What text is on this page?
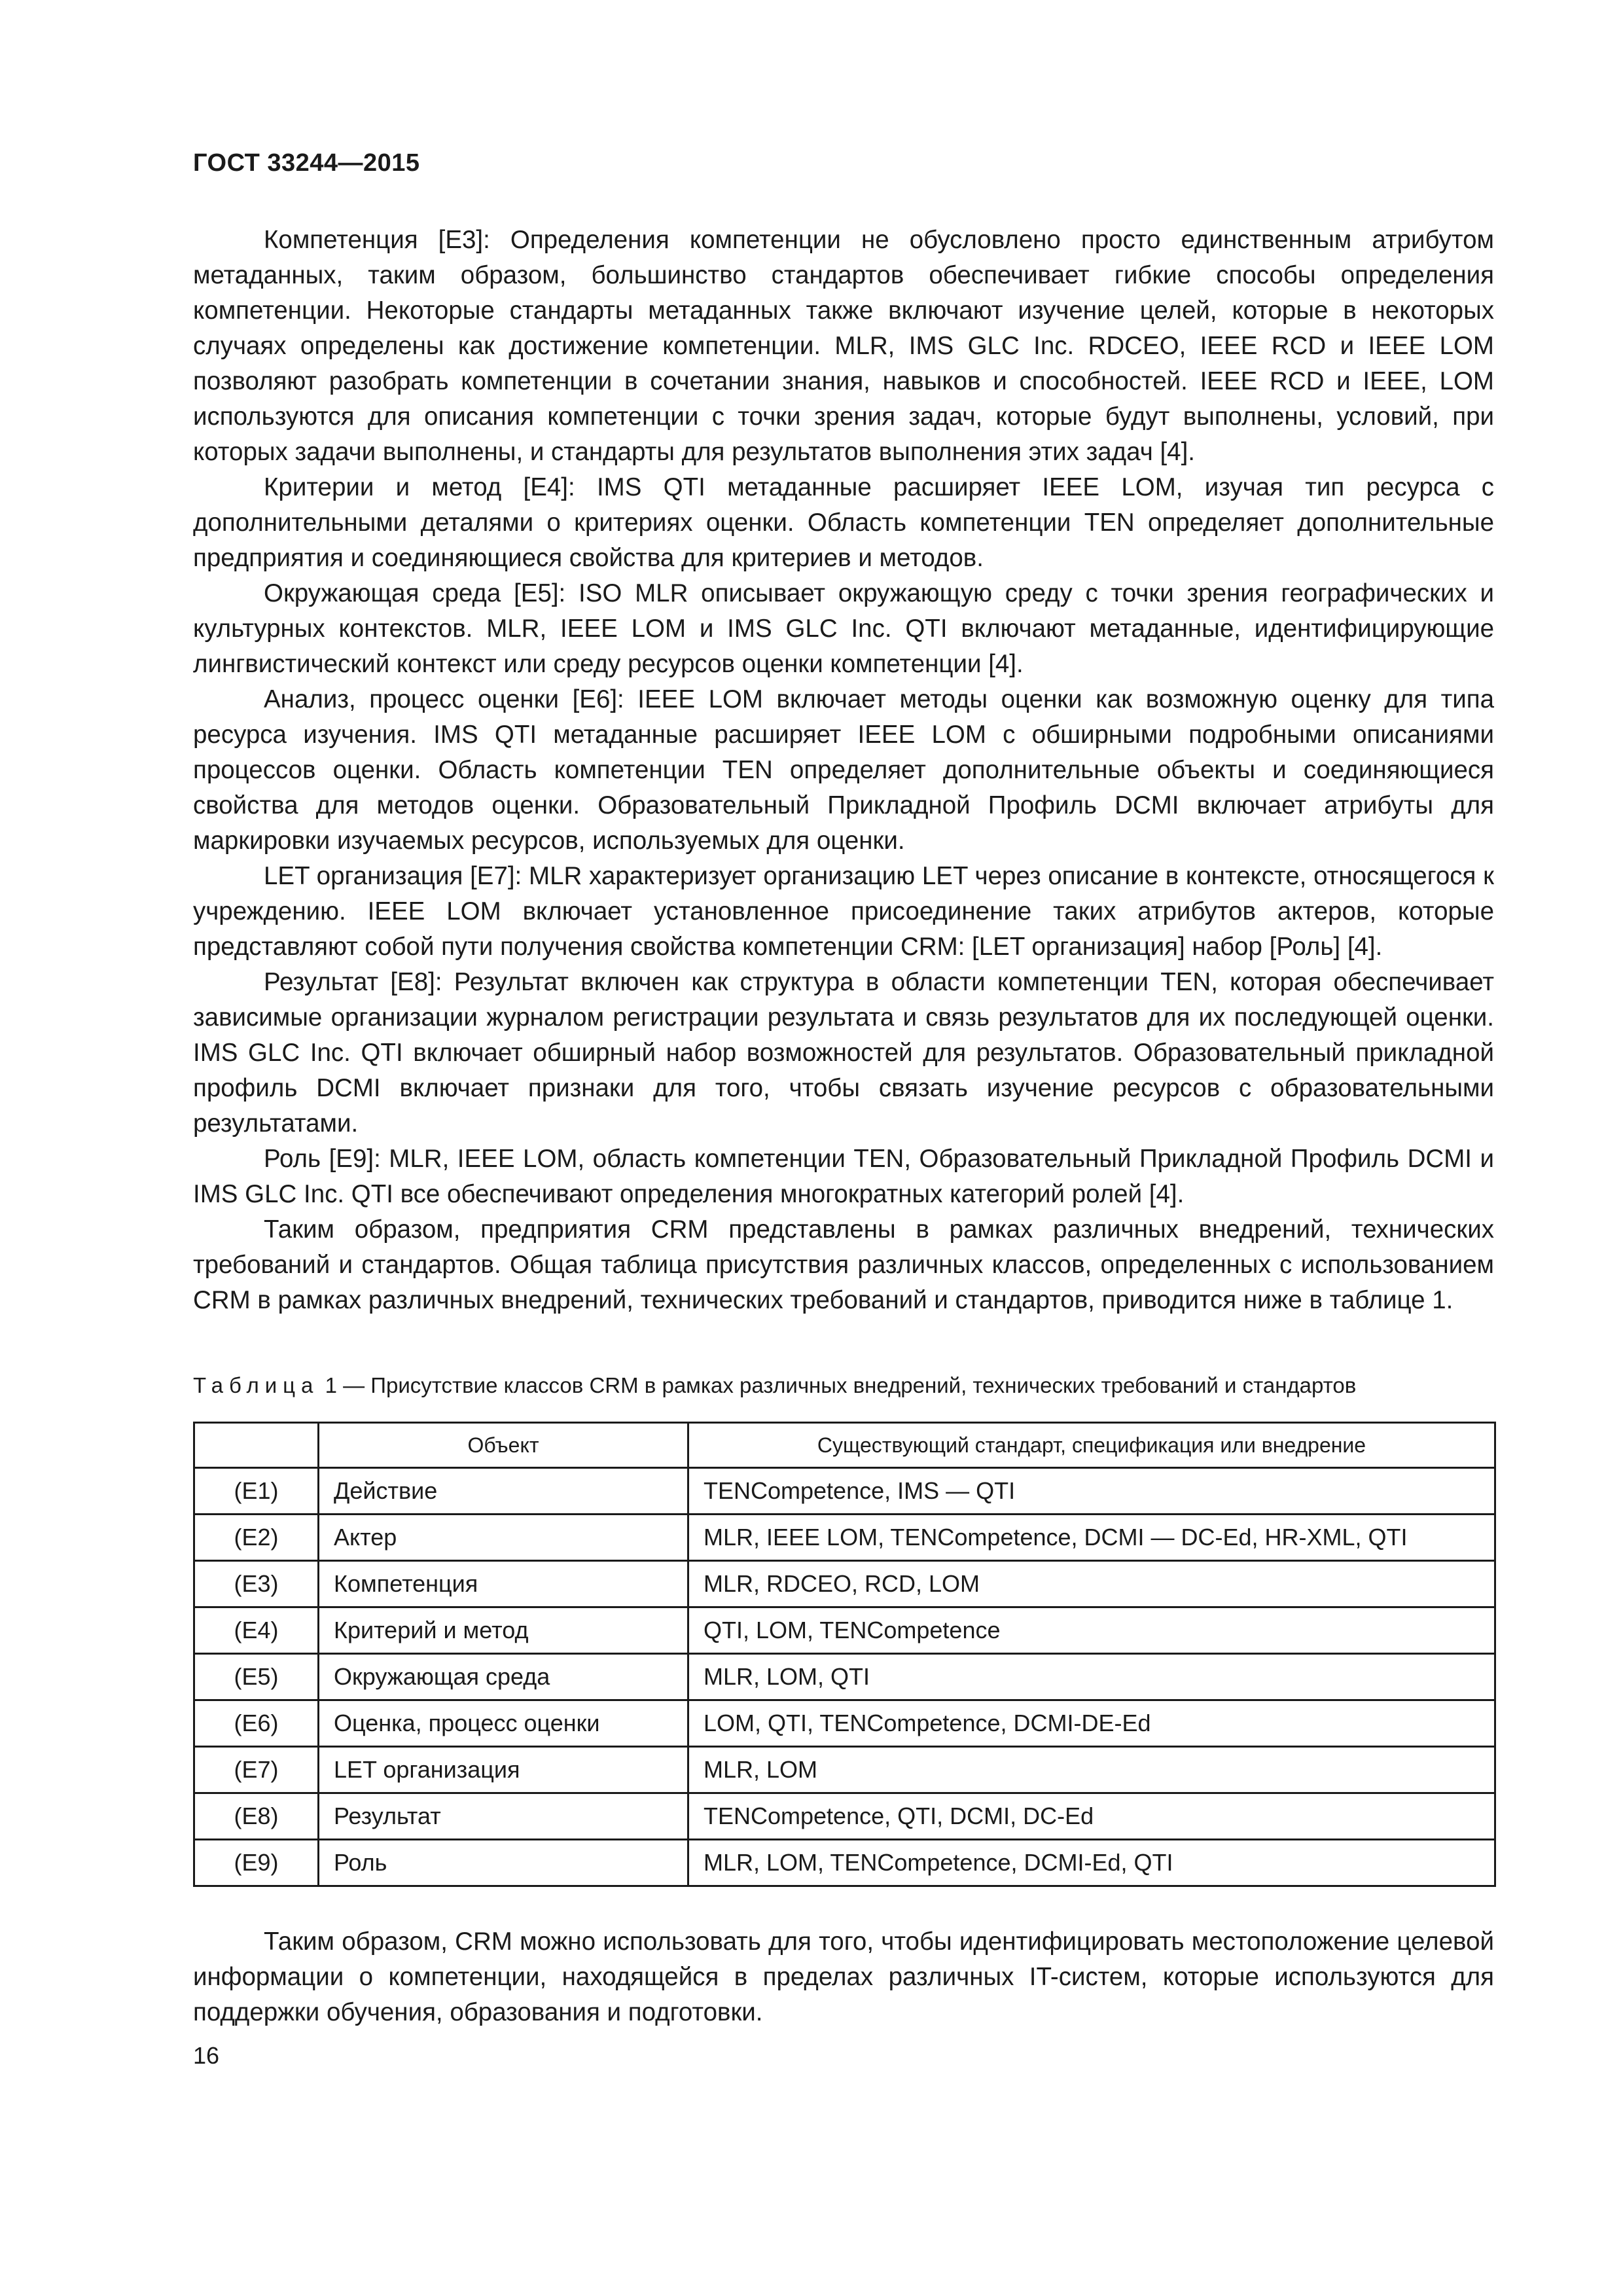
ГОСТ 33244—2015

Компетенция [E3]: Определения компетенции не обусловлено просто единственным атрибутом метаданных, таким образом, большинство стандартов обеспечивает гибкие способы определения компетенции. Некоторые стандарты метаданных также включают изучение целей, которые в некоторых случаях определены как достижение компетенции. MLR, IMS GLC Inc. RDCEO, IEEE RCD и IEEE LOM позволяют разобрать компетенции в сочетании знания, навыков и способностей. IEEE RCD и IEEE, LOM используются для описания компетенции с точки зрения задач, которые будут выполнены, условий, при которых задачи выполнены, и стандарты для результатов выполнения этих задач [4].

Критерии и метод [E4]: IMS QTI метаданные расширяет IEEE LOM, изучая тип ресурса с дополнительными деталями о критериях оценки. Область компетенции TEN определяет дополнительные предприятия и соединяющиеся свойства для критериев и методов.

Окружающая среда [E5]: ISO MLR описывает окружающую среду с точки зрения географических и культурных контекстов. MLR, IEEE LOM и IMS GLC Inc. QTI включают метаданные, идентифицирующие лингвистический контекст или среду ресурсов оценки компетенции [4].

Анализ, процесс оценки [E6]: IEEE LOM включает методы оценки как возможную оценку для типа ресурса изучения. IMS QTI метаданные расширяет IEEE LOM с обширными подробными описаниями процессов оценки. Область компетенции TEN определяет дополнительные объекты и соединяющиеся свойства для методов оценки. Образовательный Прикладной Профиль DCMI включает атрибуты для маркировки изучаемых ресурсов, используемых для оценки.

LET организация [E7]: MLR характеризует организацию LET через описание в контексте, относящегося к учреждению. IEEE LOM включает установленное присоединение таких атрибутов актеров, которые представляют собой пути получения свойства компетенции CRM: [LET организация] набор [Роль] [4].

Результат [E8]: Результат включен как структура в области компетенции TEN, которая обеспечивает зависимые организации журналом регистрации результата и связь результатов для их последующей оценки. IMS GLC Inc. QTI включает обширный набор возможностей для результатов. Образовательный прикладной профиль DCMI включает признаки для того, чтобы связать изучение ресурсов с образовательными результатами.

Роль [E9]: MLR, IEEE LOM, область компетенции TEN, Образовательный Прикладной Профиль DCMI и IMS GLC Inc. QTI все обеспечивают определения многократных категорий ролей [4].

Таким образом, предприятия CRM представлены в рамках различных внедрений, технических требований и стандартов. Общая таблица присутствия различных классов, определенных с использованием CRM в рамках различных внедрений, технических требований и стандартов, приводится ниже в таблице 1.

Таблица 1 — Присутствие классов CRM в рамках различных внедрений, технических требований и стандартов
	Объект	Существующий стандарт, спецификация или внедрение
(E1)	Действие	TENCompetence, IMS — QTI
(E2)	Актер	MLR, IEEE LOM, TENCompetence, DCMI — DC-Ed, HR-XML, QTI
(E3)	Компетенция	MLR, RDCEO, RCD, LOM
(E4)	Критерий и метод	QTI, LOM, TENCompetence
(E5)	Окружающая среда	MLR, LOM, QTI
(E6)	Оценка, процесс оценки	LOM, QTI, TENCompetence, DCMI-DE-Ed
(E7)	LET организация	MLR, LOM
(E8)	Результат	TENCompetence, QTI, DCMI, DC-Ed
(E9)	Роль	MLR, LOM, TENCompetence, DCMI-Ed, QTI

Таким образом, CRM можно использовать для того, чтобы идентифицировать местоположение целевой информации о компетенции, находящейся в пределах различных IT-систем, которые используются для поддержки обучения, образования и подготовки.

16
